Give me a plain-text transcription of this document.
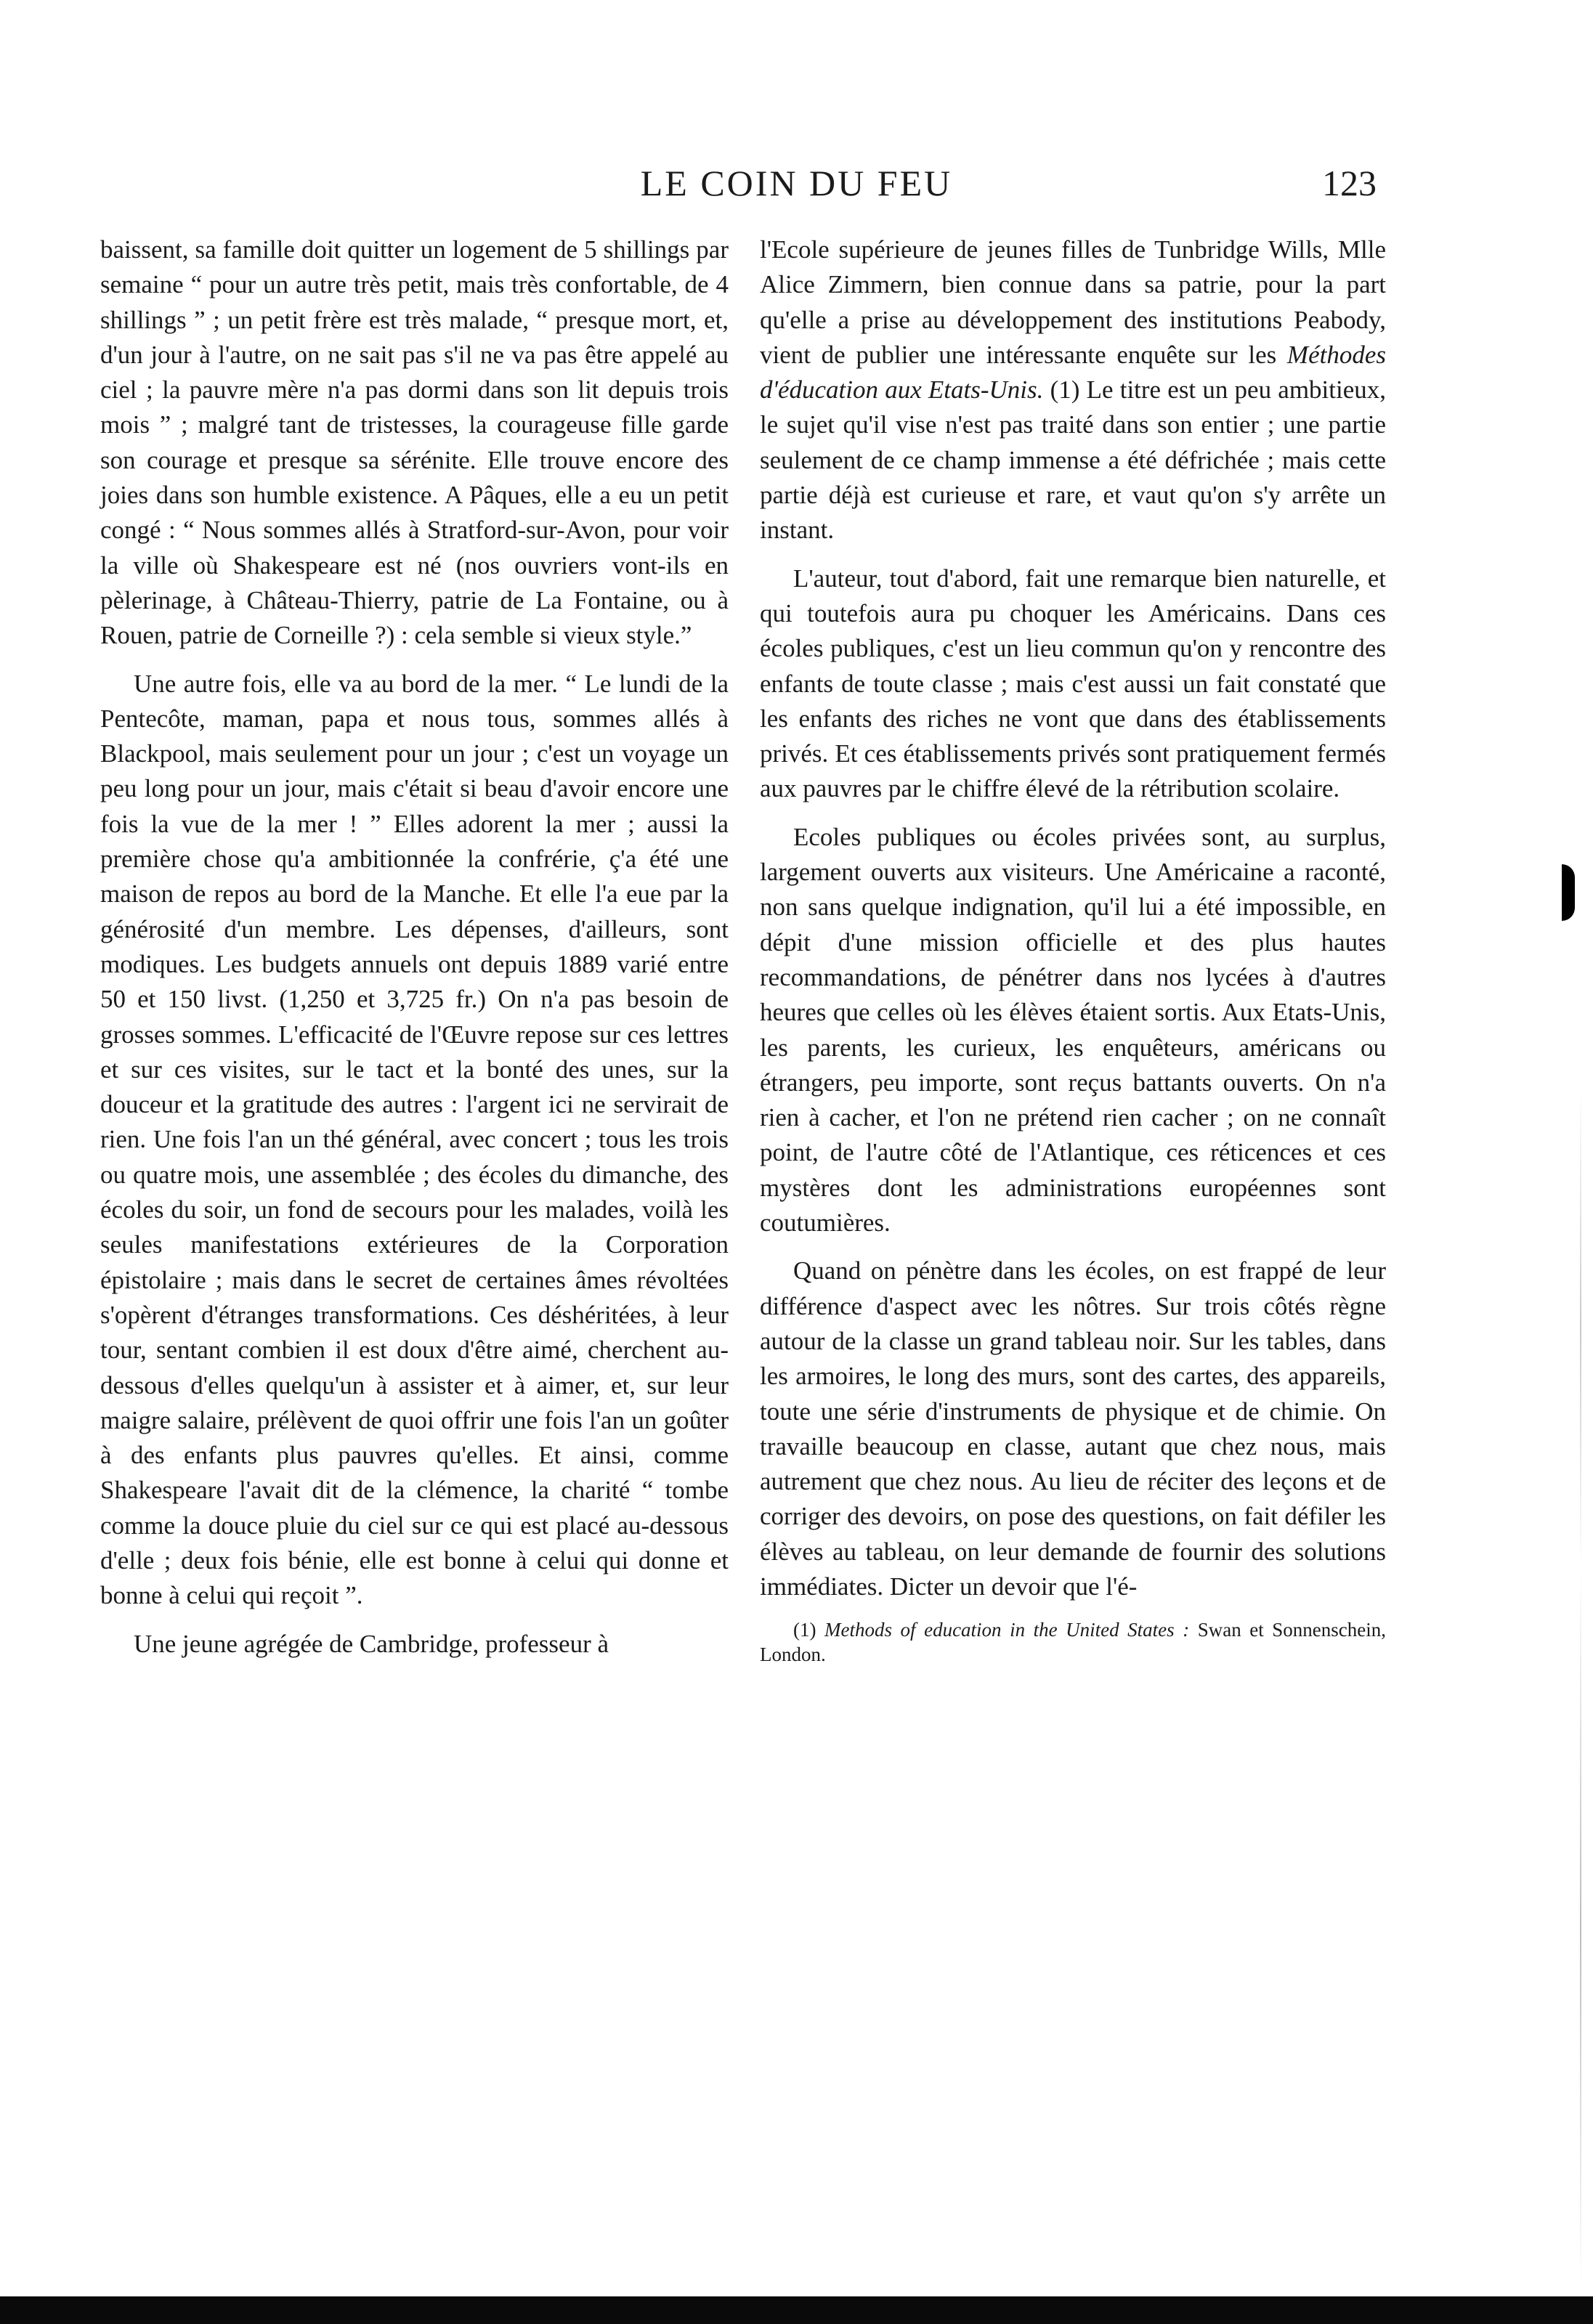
LE COIN DU FEU	123

baissent, sa famille doit quitter un logement de 5 shillings par semaine “ pour un autre très petit, mais très confortable, de 4 shillings ” ; un petit frère est très malade, “ presque mort, et, d'un jour à l'autre, on ne sait pas s'il ne va pas être appelé au ciel ; la pauvre mère n'a pas dormi dans son lit depuis trois mois ” ; malgré tant de tristesses, la courageuse fille garde son courage et presque sa sérénite. Elle trouve encore des joies dans son humble existence. A Pâques, elle a eu un petit congé : “ Nous sommes allés à Stratford-sur-Avon, pour voir la ville où Shakespeare est né (nos ouvriers vont-ils en pèlerinage, à Château-Thierry, patrie de La Fontaine, ou à Rouen, patrie de Corneille ?) : cela semble si vieux style.”

Une autre fois, elle va au bord de la mer. “ Le lundi de la Pentecôte, maman, papa et nous tous, sommes allés à Blackpool, mais seulement pour un jour ; c'est un voyage un peu long pour un jour, mais c'était si beau d'avoir encore une fois la vue de la mer ! ” Elles adorent la mer ; aussi la première chose qu'a ambitionnée la confrérie, ç'a été une maison de repos au bord de la Manche. Et elle l'a eue par la générosité d'un membre. Les dépenses, d'ailleurs, sont modiques. Les budgets annuels ont depuis 1889 varié entre 50 et 150 livst. (1,250 et 3,725 fr.) On n'a pas besoin de grosses sommes. L'efficacité de l'Œuvre repose sur ces lettres et sur ces visites, sur le tact et la bonté des unes, sur la douceur et la gratitude des autres : l'argent ici ne servirait de rien. Une fois l'an un thé général, avec concert ; tous les trois ou quatre mois, une assemblée ; des écoles du dimanche, des écoles du soir, un fond de secours pour les malades, voilà les seules manifestations extérieures de la Corporation épistolaire ; mais dans le secret de certaines âmes révoltées s'opèrent d'étranges transformations. Ces déshéritées, à leur tour, sentant combien il est doux d'être aimé, cherchent au-dessous d'elles quelqu'un à assister et à aimer, et, sur leur maigre salaire, prélèvent de quoi offrir une fois l'an un goûter à des enfants plus pauvres qu'elles. Et ainsi, comme Shakespeare l'avait dit de la clémence, la charité “ tombe comme la douce pluie du ciel sur ce qui est placé au-dessous d'elle ; deux fois bénie, elle est bonne à celui qui donne et bonne à celui qui reçoit ”.

Une jeune agrégée de Cambridge, professeur à

l'Ecole supérieure de jeunes filles de Tunbridge Wills, Mlle Alice Zimmern, bien connue dans sa patrie, pour la part qu'elle a prise au développement des institutions Peabody, vient de publier une intéressante enquête sur les Méthodes d'éducation aux Etats-Unis. (1) Le titre est un peu ambitieux, le sujet qu'il vise n'est pas traité dans son entier ; une partie seulement de ce champ immense a été défrichée ; mais cette partie déjà est curieuse et rare, et vaut qu'on s'y arrête un instant.

L'auteur, tout d'abord, fait une remarque bien naturelle, et qui toutefois aura pu choquer les Américains. Dans ces écoles publiques, c'est un lieu commun qu'on y rencontre des enfants de toute classe ; mais c'est aussi un fait constaté que les enfants des riches ne vont que dans des établissements privés. Et ces établissements privés sont pratiquement fermés aux pauvres par le chiffre élevé de la rétribution scolaire.

Ecoles publiques ou écoles privées sont, au surplus, largement ouverts aux visiteurs. Une Américaine a raconté, non sans quelque indignation, qu'il lui a été impossible, en dépit d'une mission officielle et des plus hautes recommandations, de pénétrer dans nos lycées à d'autres heures que celles où les élèves étaient sortis. Aux Etats-Unis, les parents, les curieux, les enquêteurs, américans ou étrangers, peu importe, sont reçus battants ouverts. On n'a rien à cacher, et l'on ne prétend rien cacher ; on ne connaît point, de l'autre côté de l'Atlantique, ces réticences et ces mystères dont les administrations européennes sont coutumières.

Quand on pénètre dans les écoles, on est frappé de leur différence d'aspect avec les nôtres. Sur trois côtés règne autour de la classe un grand tableau noir. Sur les tables, dans les armoires, le long des murs, sont des cartes, des appareils, toute une série d'instruments de physique et de chimie. On travaille beaucoup en classe, autant que chez nous, mais autrement que chez nous. Au lieu de réciter des leçons et de corriger des devoirs, on pose des questions, on fait défiler les élèves au tableau, on leur demande de fournir des solutions immédiates. Dicter un devoir que l'é-

(1) Methods of education in the United States : Swan et Sonnenschein, London.
